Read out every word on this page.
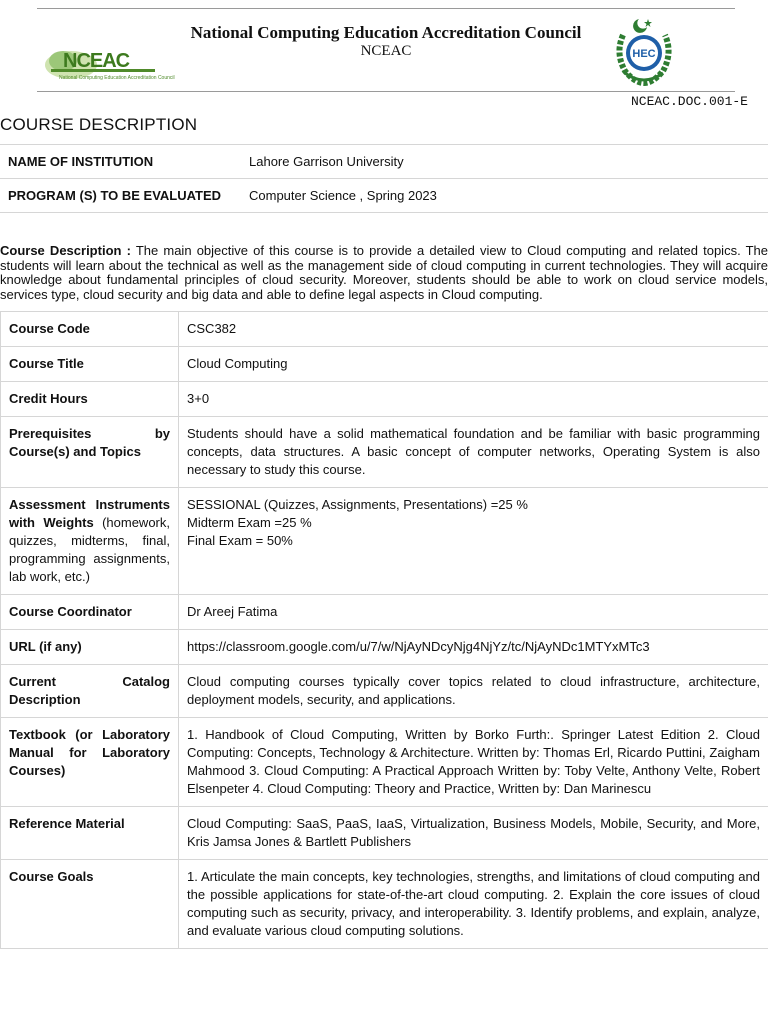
NCEAC
National Computing Education Accreditation Council
National Computing Education Accreditation Council
NCEAC	HEC
NCEAC.DOC.001-E
COURSE DESCRIPTION
NAME OF INSTITUTION	Lahore Garrison University
PROGRAM (S) TO BE EVALUATED	Computer Science , Spring 2023
Course Description : The main objective of this course is to provide a detailed view to Cloud computing and related topics. The students will learn about the technical as well as the management side of cloud computing in current technologies. They will acquire knowledge about fundamental principles of cloud security. Moreover, students should be able to work on cloud service models, services type, cloud security and big data and able to define legal aspects in Cloud computing.
Course Code	CSC382
Course Title	Cloud Computing
Credit Hours	3+0
Prerequisites by Course(s) and Topics	Students should have a solid mathematical foundation and be familiar with basic programming concepts, data structures. A basic concept of computer networks, Operating System is also necessary to study this course.
Assessment Instruments with Weights (homework, quizzes, midterms, final, programming assignments, lab work, etc.)	SESSIONAL (Quizzes, Assignments, Presentations) =25 %
Midterm Exam =25 %
Final Exam = 50%
Course Coordinator	Dr Areej Fatima
URL (if any)	https://classroom.google.com/u/7/w/NjAyNDcyNjg4NjYz/tc/NjAyNDc1MTYxMTc3
Current Catalog Description	Cloud computing courses typically cover topics related to cloud infrastructure, architecture, deployment models, security, and applications.
Textbook (or Laboratory Manual for Laboratory Courses)	1. Handbook of Cloud Computing, Written by Borko Furth:. Springer Latest Edition 2. Cloud Computing: Concepts, Technology & Architecture. Written by: Thomas Erl, Ricardo Puttini, Zaigham Mahmood 3. Cloud Computing: A Practical Approach Written by: Toby Velte, Anthony Velte, Robert Elsenpeter 4. Cloud Computing: Theory and Practice, Written by: Dan Marinescu
Reference Material	Cloud Computing: SaaS, PaaS, IaaS, Virtualization, Business Models, Mobile, Security, and More, Kris Jamsa Jones & Bartlett Publishers
Course Goals	1. Articulate the main concepts, key technologies, strengths, and limitations of cloud computing and the possible applications for state-of-the-art cloud computing. 2. Explain the core issues of cloud computing such as security, privacy, and interoperability. 3. Identify problems, and explain, analyze, and evaluate various cloud computing solutions.
